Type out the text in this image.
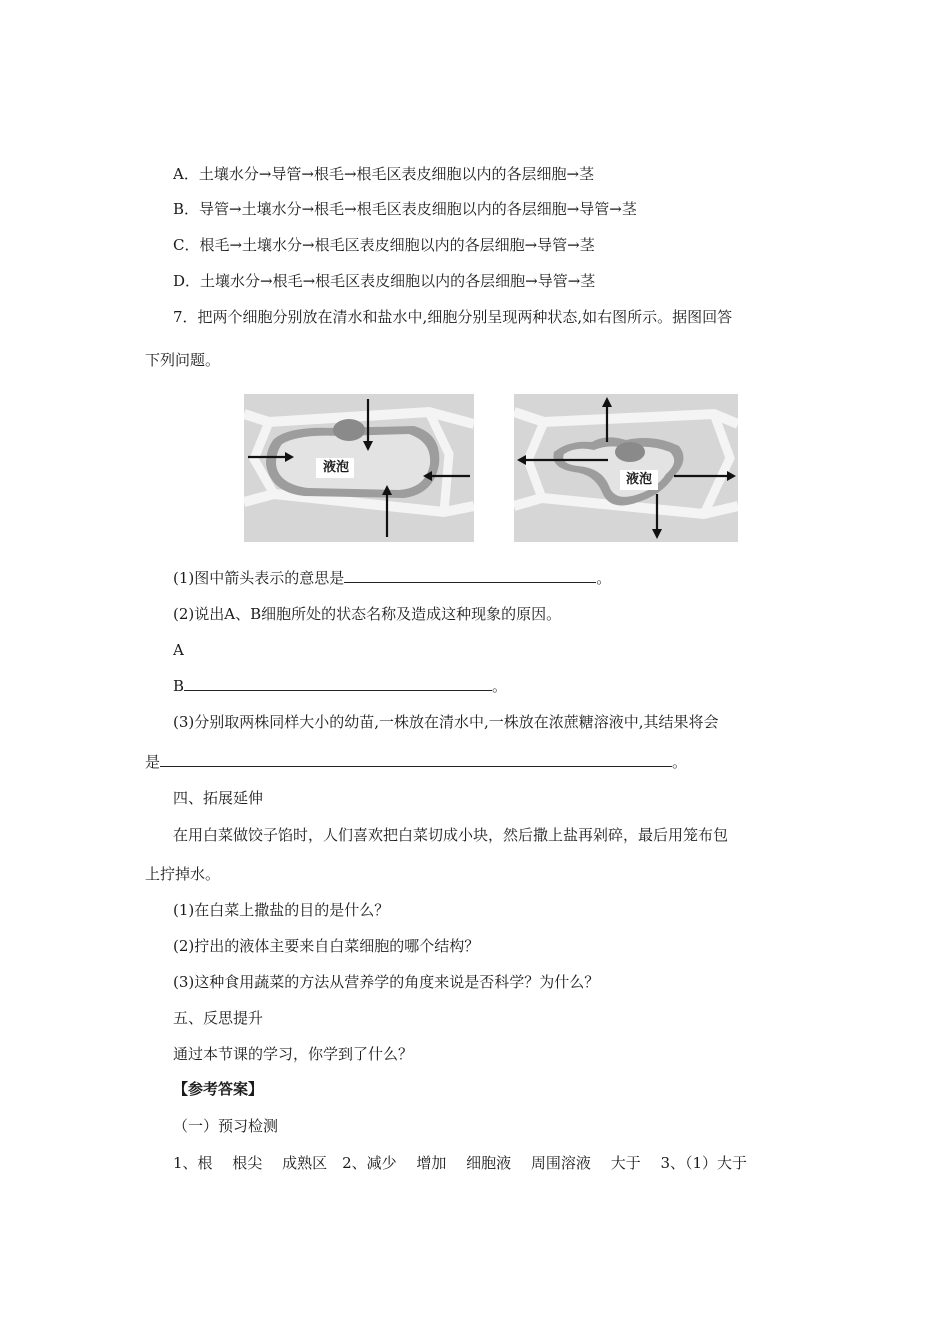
A．土壤水分→导管→根毛→根毛区表皮细胞以内的各层细胞→茎
B．导管→土壤水分→根毛→根毛区表皮细胞以内的各层细胞→导管→茎
C．根毛→土壤水分→根毛区表皮细胞以内的各层细胞→导管→茎
D．土壤水分→根毛→根毛区表皮细胞以内的各层细胞→导管→茎
7．把两个细胞分别放在清水和盐水中,细胞分别呈现两种状态,如右图所示。据图回答
下列问题。
液泡
液泡
(1)图中箭头表示的意思是	。
(2)说出A、B细胞所处的状态名称及造成这种现象的原因。
A
B	。
(3)分别取两株同样大小的幼苗,一株放在清水中,一株放在浓蔗糖溶液中,其结果将会
是	。
四、拓展延伸
在用白菜做饺子馅时，人们喜欢把白菜切成小块，然后撒上盐再剁碎，最后用笼布包
上拧掉水。
(1)在白菜上撒盐的目的是什么？
(2)拧出的液体主要来自白菜细胞的哪个结构？
(3)这种食用蔬菜的方法从营养学的角度来说是否科学？为什么？
五、反思提升
通过本节课的学习，你学到了什么？
【参考答案】
（一）预习检测
1、根　 根尖　 成熟区　2、减少　 增加　 细胞液　 周围溶液　 大于　 3、（1）大于
